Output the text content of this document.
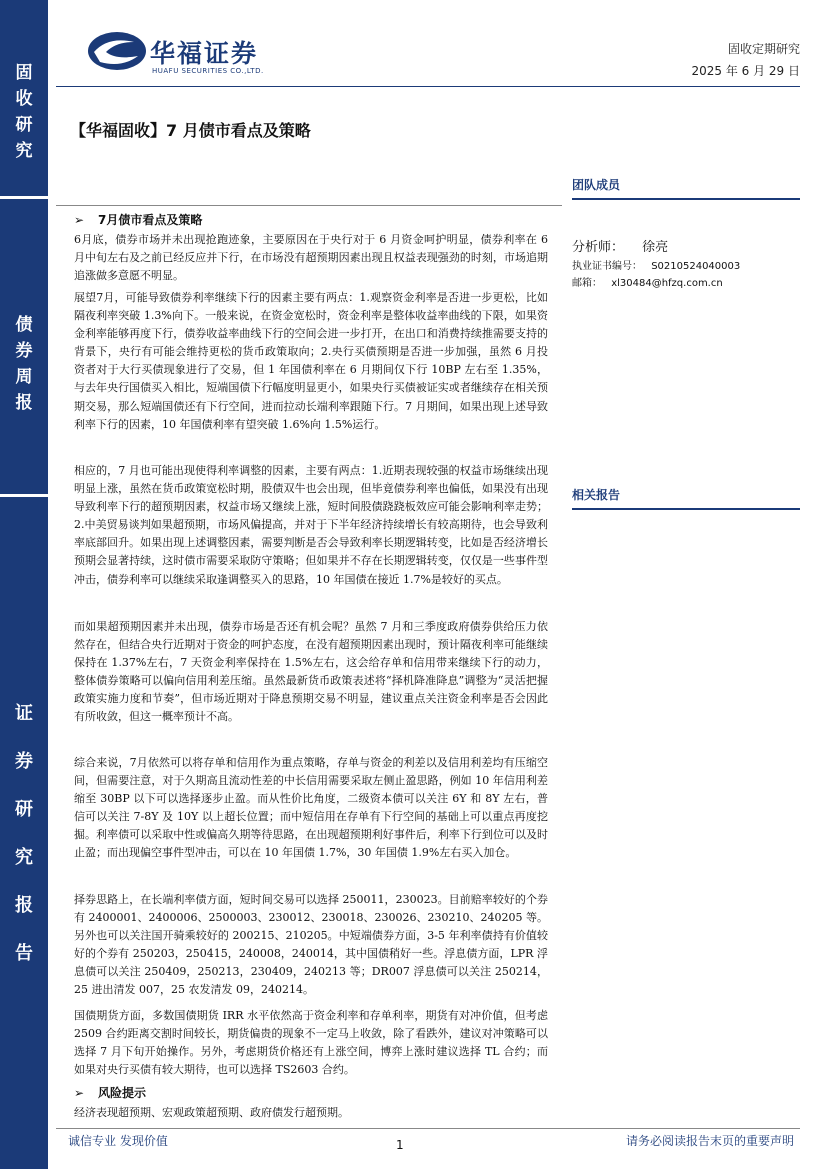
固
收
研
究
债
券
周
报
证
券
研
究
报
告
华福证券
HUAFU SECURITIES CO.,LTD.
固收定期研究
2025 年 6 月 29 日
【华福固收】7 月债市看点及策略
➢ 7月债市看点及策略
6月底，债券市场并未出现抢跑迹象，主要原因在于央行对于 6 月资金呵护明显，债券利率在 6 月中旬左右及之前已经反应并下行，在市场没有超预期因素出现且权益表现强劲的时刻，市场追期追涨做多意愿不明显。
展望7月，可能导致债券利率继续下行的因素主要有两点：1.观察资金利率是否进一步更松，比如隔夜利率突破 1.3%向下。一般来说，在资金宽松时，资金利率是整体收益率曲线的下限，如果资金利率能够再度下行，债券收益率曲线下行的空间会进一步打开，在出口和消费持续推需要支持的背景下，央行有可能会维持更松的货币政策取向；2.央行买债预期是否进一步加强，虽然 6 月投资者对于大行买债现象进行了交易，但 1 年国债利率在 6 月期间仅下行 10BP 左右至 1.35%，与去年央行国债买入相比，短端国债下行幅度明显更小，如果央行买债被证实或者继续存在相关预期交易，那么短端国债还有下行空间，进而拉动长端利率跟随下行。7 月期间，如果出现上述导致利率下行的因素，10 年国债利率有望突破 1.6%向 1.5%运行。
相应的，7 月也可能出现使得利率调整的因素，主要有两点：1.近期表现较强的权益市场继续出现明显上涨，虽然在货币政策宽松时期，股债双牛也会出现，但毕竟债券利率也偏低，如果没有出现导致利率下行的超预期因素，权益市场又继续上涨，短时间股债跷跷板效应可能会影响利率走势；2.中美贸易谈判如果超预期，市场风偏提高，并对于下半年经济持续增长有较高期待，也会导致利率底部回升。如果出现上述调整因素，需要判断是否会导致利率长期逻辑转变，比如是否经济增长预期会显著持续，这时债市需要采取防守策略；但如果并不存在长期逻辑转变，仅仅是一些事件型冲击，债券利率可以继续采取逢调整买入的思路，10 年国债在接近 1.7%是较好的买点。
而如果超预期因素并未出现，债券市场是否还有机会呢？虽然 7 月和三季度政府债券供给压力依然存在，但结合央行近期对于资金的呵护态度，在没有超预期因素出现时，预计隔夜利率可能继续保持在 1.37%左右，7 天资金利率保持在 1.5%左右，这会给存单和信用带来继续下行的动力，整体债券策略可以偏向信用利差压缩。虽然最新货币政策表述将“择机降准降息”调整为“灵活把握政策实施力度和节奏”，但市场近期对于降息预期交易不明显，建议重点关注资金利率是否会因此有所收敛，但这一概率预计不高。
综合来说，7月依然可以将存单和信用作为重点策略，存单与资金的利差以及信用利差均有压缩空间，但需要注意，对于久期高且流动性差的中长信用需要采取左侧止盈思路，例如 10 年信用利差缩至 30BP 以下可以选择逐步止盈。而从性价比角度，二级资本债可以关注 6Y 和 8Y 左右，普信可以关注 7-8Y 及 10Y 以上超长位置；而中短信用在存单有下行空间的基础上可以重点再度挖掘。利率债可以采取中性或偏高久期等待思路，在出现超预期利好事件后，利率下行到位可以及时止盈；而出现偏空事件型冲击，可以在 10 年国债 1.7%，30 年国债 1.9%左右买入加仓。
择券思路上，在长端利率债方面，短时间交易可以选择 250011，230023。目前赔率较好的个券有 2400001、2400006、2500003、230012、230018、230026、230210、240205 等。另外也可以关注国开骑乘较好的 200215、210205。中短端债券方面，3-5 年利率债持有价值较好的个券有 250203，250415，240008，240014，其中国债稍好一些。浮息债方面，LPR 浮息债可以关注 250409，250213，230409，240213 等；DR007 浮息债可以关注 250214，25 进出清发 007，25 农发清发 09，240214。
国债期货方面，多数国债期货 IRR 水平依然高于资金利率和存单利率，期货有对冲价值，但考虑 2509 合约距离交割时间较长，期货偏贵的现象不一定马上收敛，除了看跌外，建议对冲策略可以选择 7 月下旬开始操作。另外，考虑期货价格还有上涨空间，博弈上涨时建议选择 TL 合约；而如果对央行买债有较大期待，也可以选择 TS2603 合约。
➢ 风险提示
经济表现超预期、宏观政策超预期、政府债发行超预期。
团队成员
分析师： 徐亮
执业证书编号： S0210524040003
邮箱： xl30484@hfzq.com.cn
相关报告
诚信专业 发现价值	1	请务必阅读报告末页的重要声明
